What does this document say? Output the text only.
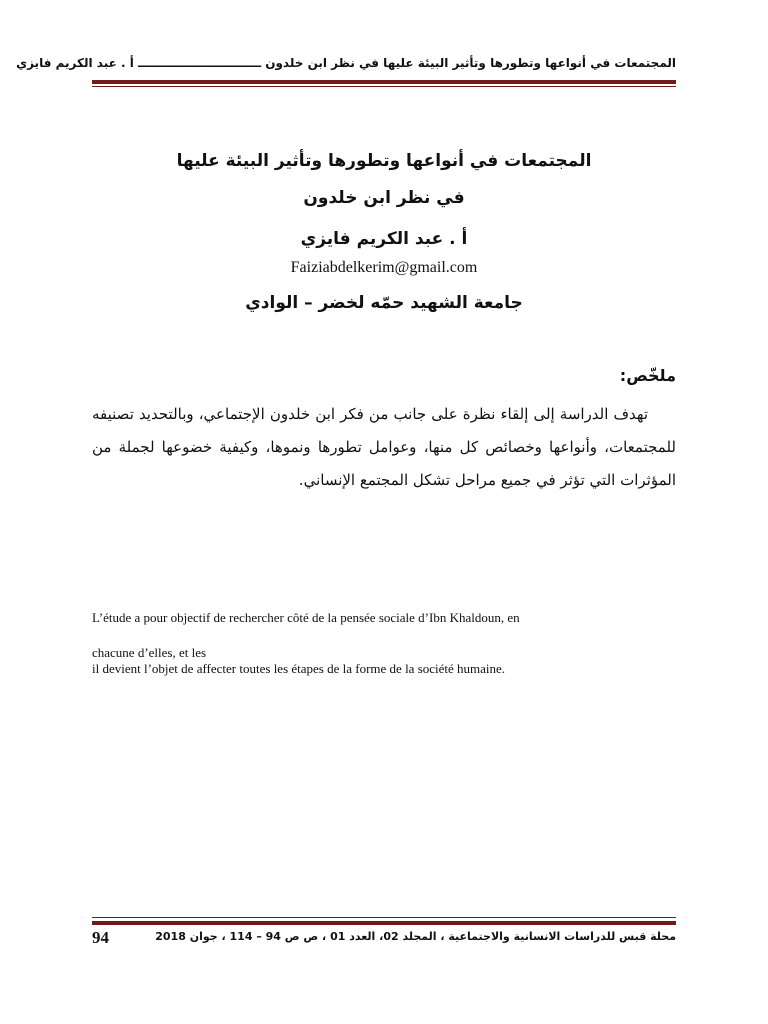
المجتمعات في أنواعها وتطورها وتأثير البيئة عليها في نظر ابن خلدون ــــــــــــــــــــــــــــــ أ . عبد الكريم فايزي
المجتمعات في أنواعها وتطورها وتأثير البيئة عليها
في نظر ابن خلدون
أ . عبد الكريم فايزي
Faiziabdelkerim@gmail.com
جامعة الشهيد حمّه لخضر – الوادي
ملخّص:
تهدف الدراسة إلى إلقاء نظرة على جانب من فكر ابن خلدون الإجتماعي، وبالتحديد تصنيفه للمجتمعات، وأنواعها وخصائص كل منها، وعوامل تطورها ونموها، وكيفية خضوعها لجملة من المؤثرات التي تؤثر في جميع مراحل تشكل المجتمع الإنساني.
L’étude a pour objectif de rechercher côté de la pensée sociale d’Ibn Khaldoun, en
chacune d’elles, et les
il devient l’objet de affecter toutes les étapes de la forme de la société humaine.
محلة قبس للدراسات الانسانية والاجتماعية ، المجلد 02، العدد 01 ، ص ص 94 – 114 ، جوان 2018
94
